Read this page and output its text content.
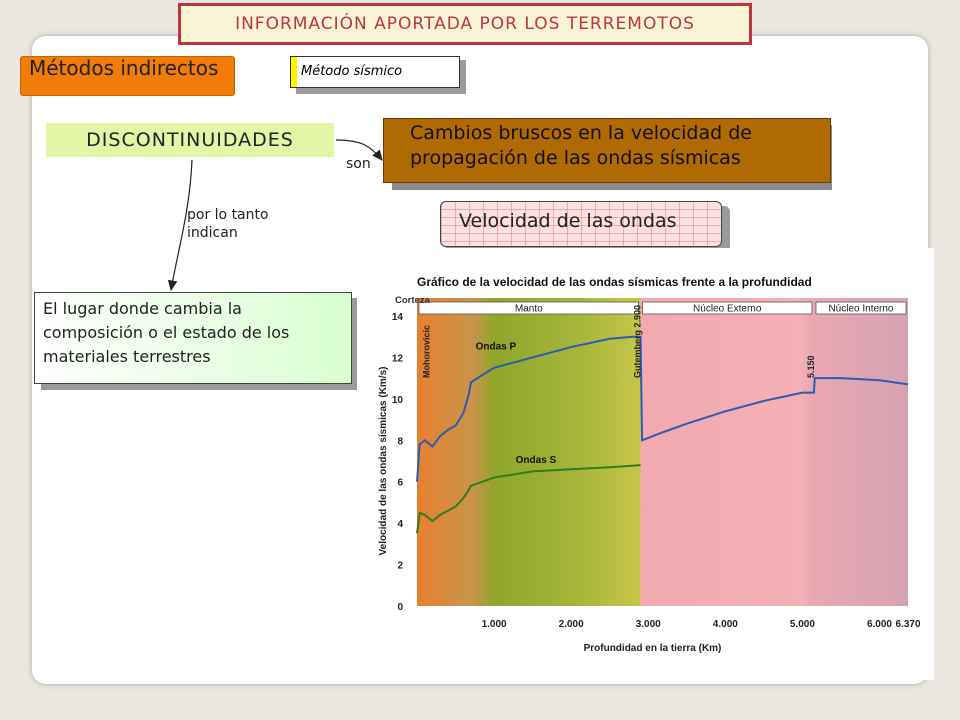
INFORMACIÓN APORTADA POR LOS TERREMOTOS
Métodos indirectos	Método sísmico
DISCONTINUIDADES	Cambios bruscos en la velocidad de propagación de las ondas sísmicas
Velocidad de las ondas
son
por lo tanto indican
El lugar donde cambia la composición o el estado de los materiales terrestres
0
2
4
6
8
10
12
14
1.000	2.000	3.000	4.000	5.000	6.000 6.370
Profundidad en la tierra (Km)
Velocidad de las ondas sísmicas (Km/s)
Gráfico de la velocidad de las ondas sísmicas frente a la profundidad
Corteza
Manto	Núcleo Externo	Núcleo Interno
Mohorovicic	Gutemberg 2.900	5.150
Ondas P
Ondas S
